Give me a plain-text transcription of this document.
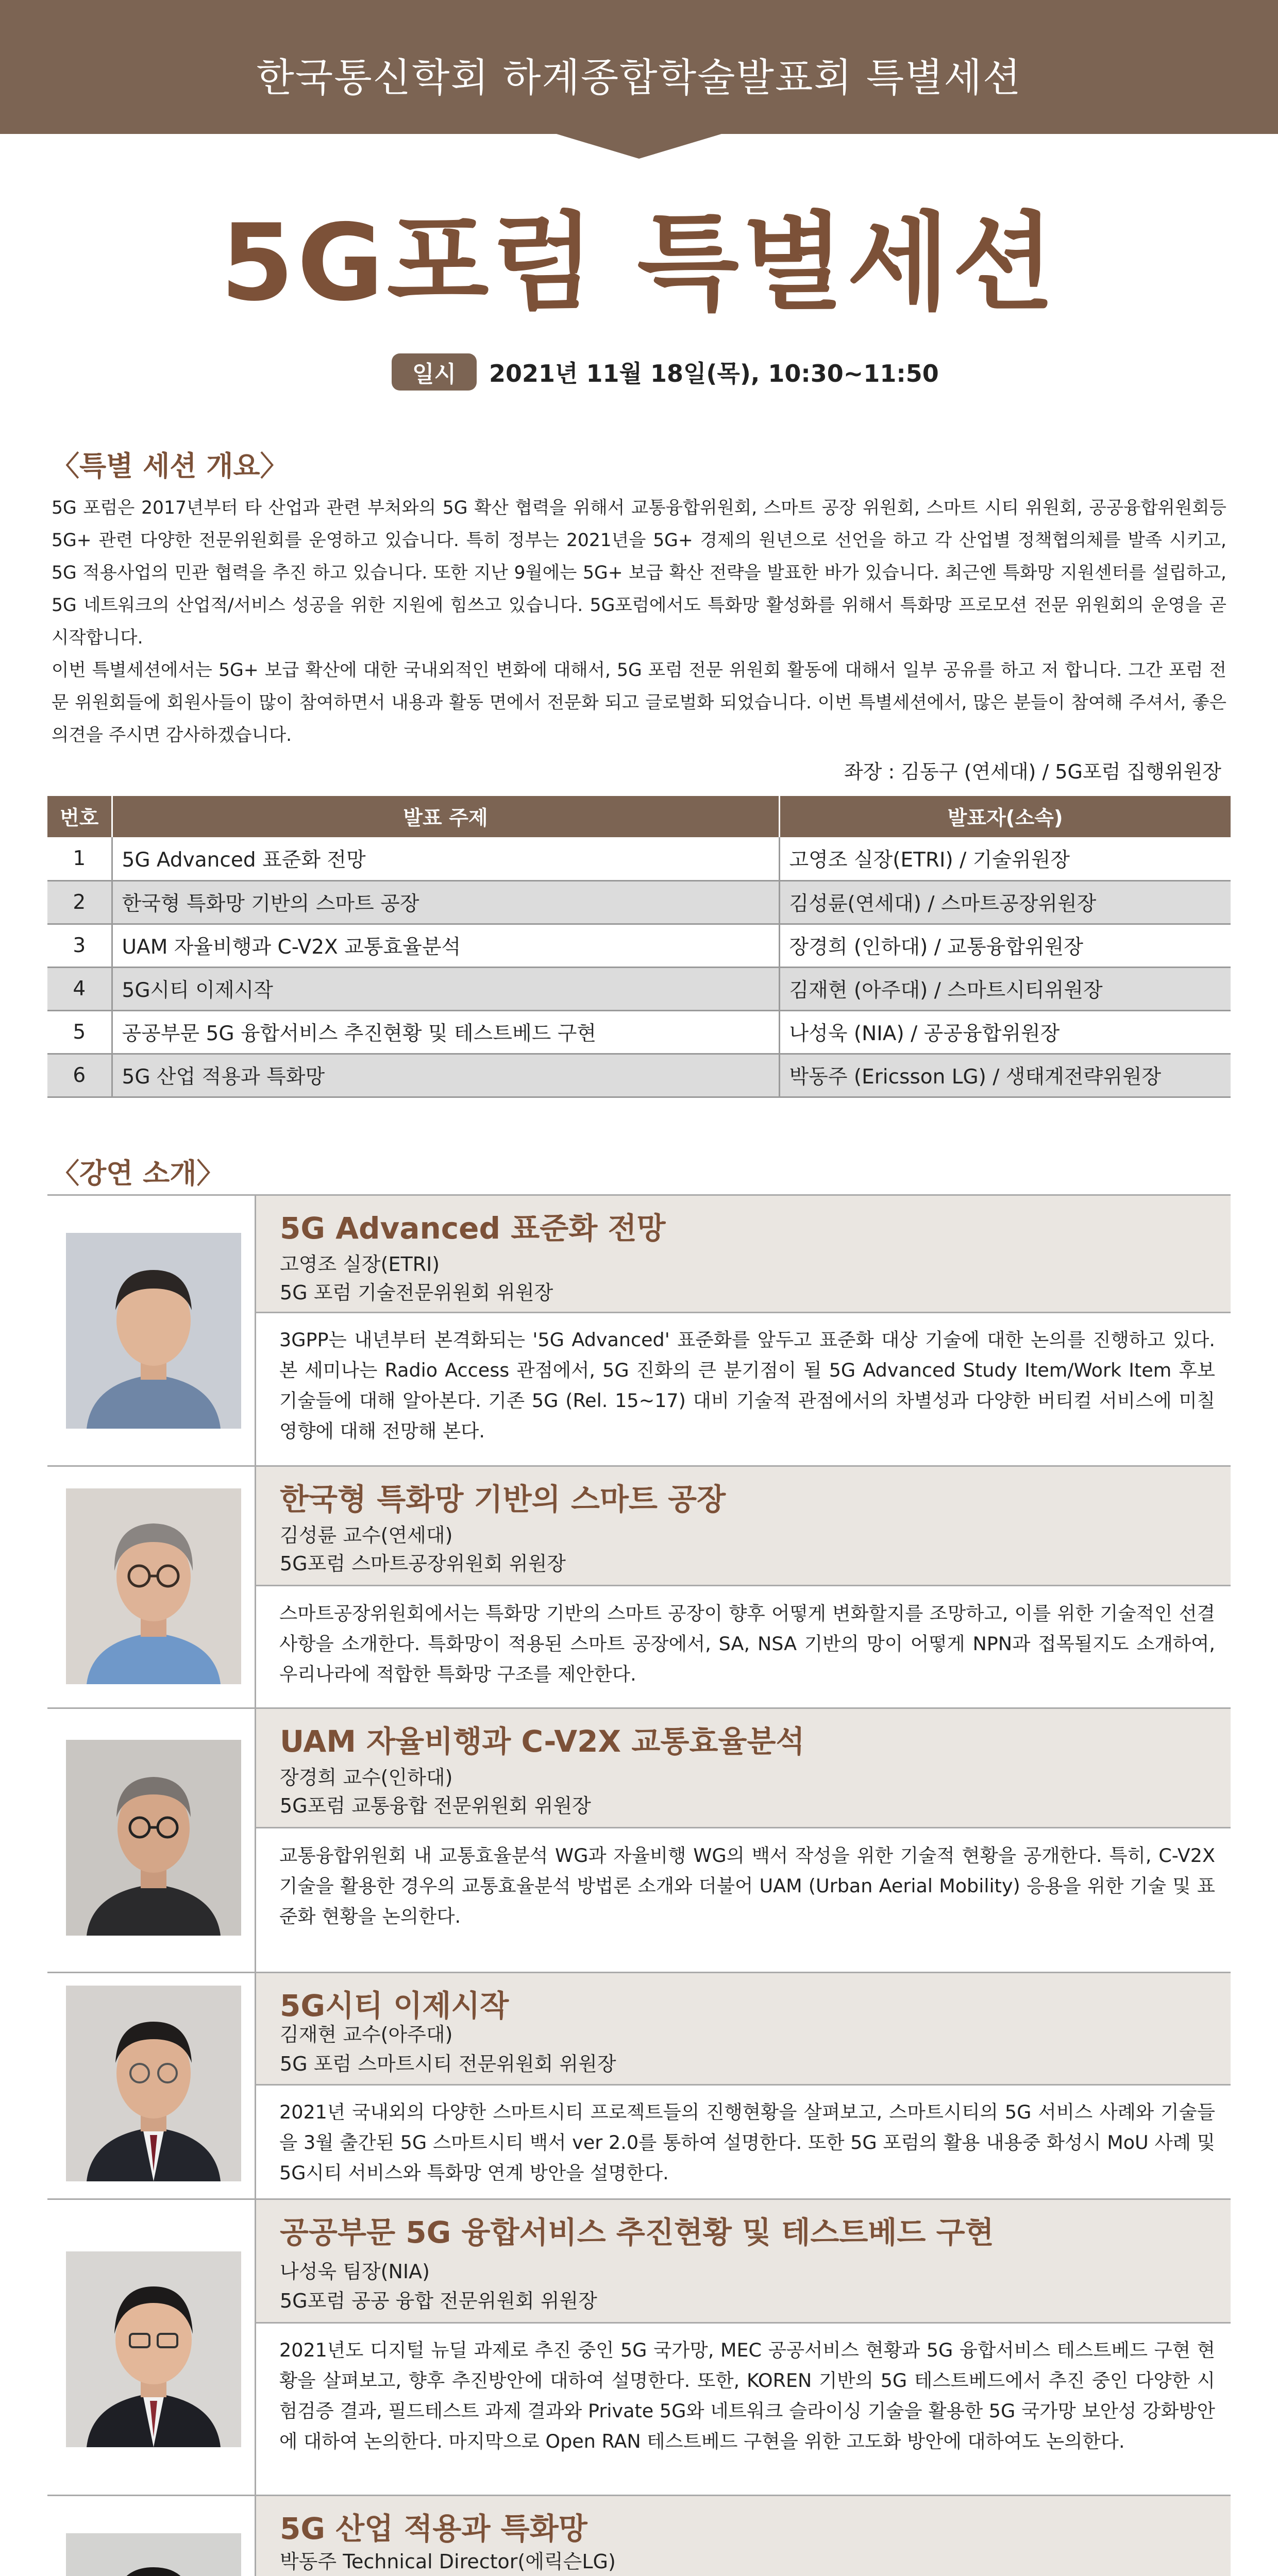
한국통신학회 하계종합학술발표회 특별세션
5G포럼 특별세션
일시	2021년 11월 18일(목), 10:30~11:50
〈특별 세션 개요〉

5G 포럼은 2017년부터 타 산업과 관련 부처와의 5G 확산 협력을 위해서 교통융합위원회, 스마트 공장 위원회, 스마트 시티 위원회, 공공융합위원회등 5G+ 관련 다양한 전문위원회를 운영하고 있습니다. 특히 정부는 2021년을 5G+ 경제의 원년으로 선언을 하고 각 산업별 정책협의체를 발족 시키고, 5G 적용사업의 민관 협력을 추진 하고 있습니다. 또한 지난 9월에는 5G+ 보급 확산 전략을 발표한 바가 있습니다. 최근엔 특화망 지원센터를 설립하고, 5G 네트워크의 산업적/서비스 성공을 위한 지원에 힘쓰고 있습니다. 5G포럼에서도 특화망 활성화를 위해서 특화망 프로모션 전문 위원회의 운영을 곧 시작합니다.

이번 특별세션에서는 5G+ 보급 확산에 대한 국내외적인 변화에 대해서, 5G 포럼 전문 위원회 활동에 대해서 일부 공유를 하고 저 합니다. 그간 포럼 전문 위원회들에 회원사들이 많이 참여하면서 내용과 활동 면에서 전문화 되고 글로벌화 되었습니다. 이번 특별세션에서, 많은 분들이 참여해 주셔서, 좋은 의견을 주시면 감사하겠습니다.

좌장 : 김동구 (연세대) / 5G포럼 집행위원장
번호	발표 주제	발표자(소속)
1	5G Advanced 표준화 전망	고영조 실장(ETRI) / 기술위원장
2	한국형 특화망 기반의 스마트 공장	김성륜(연세대) / 스마트공장위원장
3	UAM 자율비행과 C-V2X 교통효율분석	장경희 (인하대) / 교통융합위원장
4	5G시티 이제시작	김재현 (아주대) / 스마트시티위원장
5	공공부문 5G 융합서비스 추진현황 및 테스트베드 구현	나성욱 (NIA) / 공공융합위원장
6	5G 산업 적용과 특화망	박동주 (Ericsson LG) / 생태계전략위원장
〈강연 소개〉
5G Advanced 표준화 전망
고영조 실장(ETRI)
5G 포럼 기술전문위원회 위원장
3GPP는 내년부터 본격화되는 '5G Advanced' 표준화를 앞두고 표준화 대상 기술에 대한 논의를 진행하고 있다. 본 세미나는 Radio Access 관점에서, 5G 진화의 큰 분기점이 될 5G Advanced Study Item/Work Item 후보 기술들에 대해 알아본다. 기존 5G (Rel. 15~17) 대비 기술적 관점에서의 차별성과 다양한 버티컬 서비스에 미칠 영향에 대해 전망해 본다.
한국형 특화망 기반의 스마트 공장
김성륜 교수(연세대)
5G포럼 스마트공장위원회 위원장
스마트공장위원회에서는 특화망 기반의 스마트 공장이 향후 어떻게 변화할지를 조망하고, 이를 위한 기술적인 선결 사항을 소개한다. 특화망이 적용된 스마트 공장에서, SA, NSA 기반의 망이 어떻게 NPN과 접목될지도 소개하여, 우리나라에 적합한 특화망 구조를 제안한다.
UAM 자율비행과 C-V2X 교통효율분석
장경희 교수(인하대)
5G포럼 교통융합 전문위원회 위원장
교통융합위원회 내 교통효율분석 WG과 자율비행 WG의 백서 작성을 위한 기술적 현황을 공개한다. 특히, C-V2X 기술을 활용한 경우의 교통효율분석 방법론 소개와 더불어 UAM (Urban Aerial Mobility) 응용을 위한 기술 및 표준화 현황을 논의한다.
5G시티 이제시작
김재현 교수(아주대)
5G 포럼 스마트시티 전문위원회 위원장
2021년 국내외의 다양한 스마트시티 프로젝트들의 진행현황을 살펴보고, 스마트시티의 5G 서비스 사례와 기술들을 3월 출간된 5G 스마트시티 백서 ver 2.0를 통하여 설명한다. 또한 5G 포럼의 활용 내용중 화성시 MoU 사례 및 5G시티 서비스와 특화망 연계 방안을 설명한다.
공공부문 5G 융합서비스 추진현황 및 테스트베드 구현
나성욱 팀장(NIA)
5G포럼 공공 융합 전문위원회 위원장
2021년도 디지털 뉴딜 과제로 추진 중인 5G 국가망, MEC 공공서비스 현황과 5G 융합서비스 테스트베드 구현 현황을 살펴보고, 향후 추진방안에 대하여 설명한다. 또한, KOREN 기반의 5G 테스트베드에서 추진 중인 다양한 시험검증 결과, 필드테스트 과제 결과와 Private 5G와 네트워크 슬라이싱 기술을 활용한 5G 국가망 보안성 강화방안에 대하여 논의한다. 마지막으로 Open RAN 테스트베드 구현을 위한 고도화 방안에 대하여도 논의한다.
5G 산업 적용과 특화망
박동주 Technical Director(에릭슨LG)
